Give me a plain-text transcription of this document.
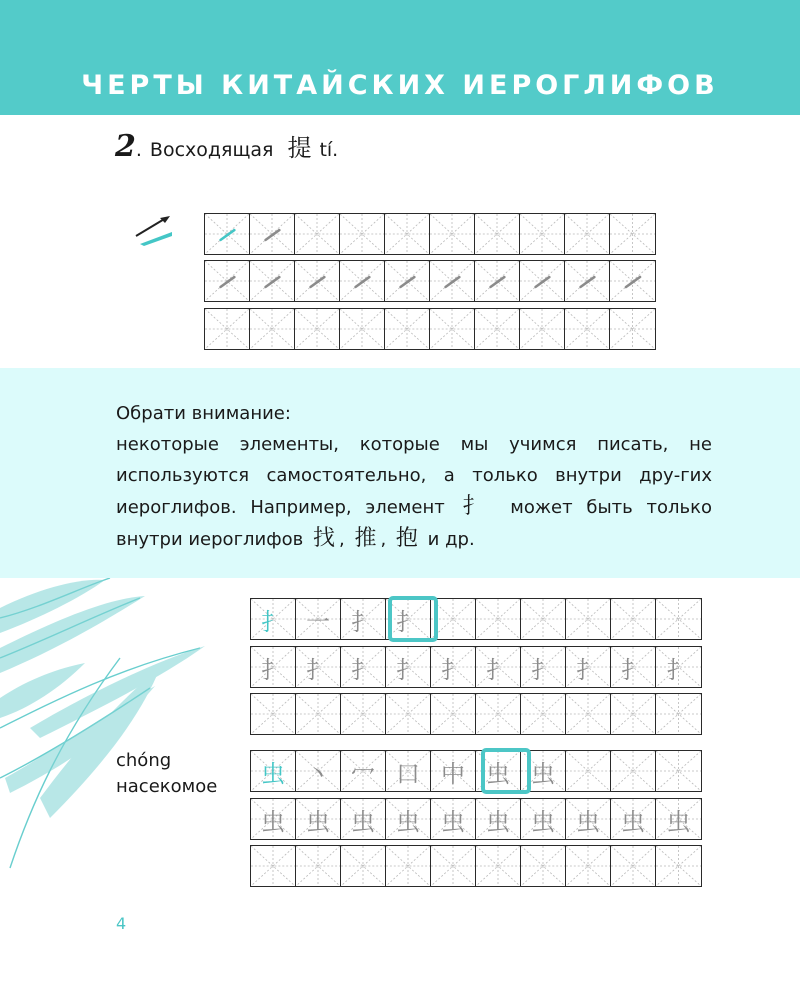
ЧЕРТЫ КИТАЙСКИХ ИЕРОГЛИФОВ
2 . Восходящая 提 tí.

Обрати внимание:

некоторые элементы, которые мы учимся писать, не используются самостоятельно, а только внутри дру-гих иероглифов. Например, элемент 扌 может быть только внутри иероглифов 找 , 推 , 抱 и др.

扌 一 扌 扌
扌 扌 扌 扌 扌 扌 扌 扌 扌 扌
chóng
насекомое	虫 丶 冖 口 中 虫 虫
虫 虫 虫 虫 虫 虫 虫 虫 虫 虫
4
